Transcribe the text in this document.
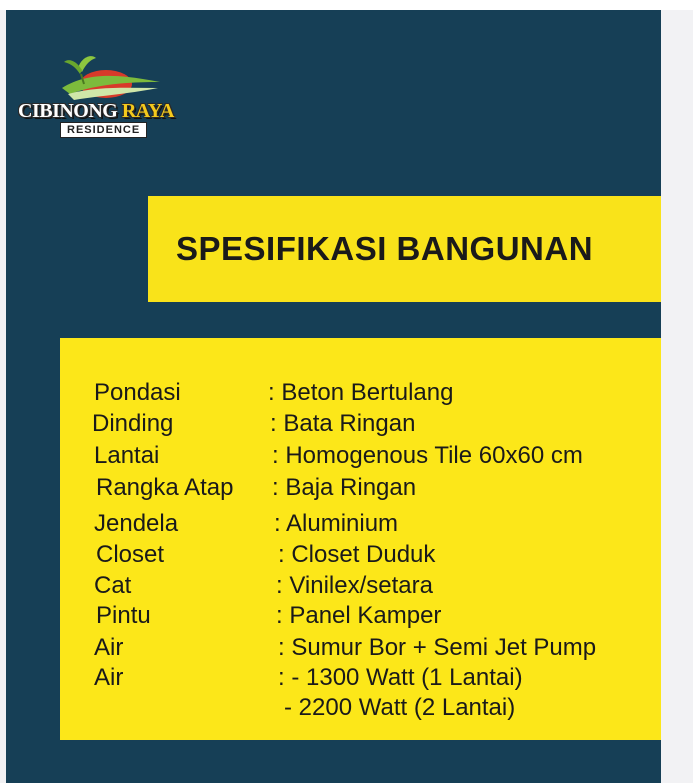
CIBINONG RAYA
RESIDENCE
SPESIFIKASI BANGUNAN
Pondasi	: Beton Bertulang
Dinding	: Bata Ringan
Lantai	: Homogenous Tile 60x60 cm
Rangka Atap : Baja Ringan
Jendela	: Aluminium
Closet	: Closet Duduk
Cat	: Vinilex/setara
Pintu	: Panel Kamper
Air	: Sumur Bor + Semi Jet Pump
Air	: - 1300 Watt (1 Lantai)
- 2200 Watt (2 Lantai)
